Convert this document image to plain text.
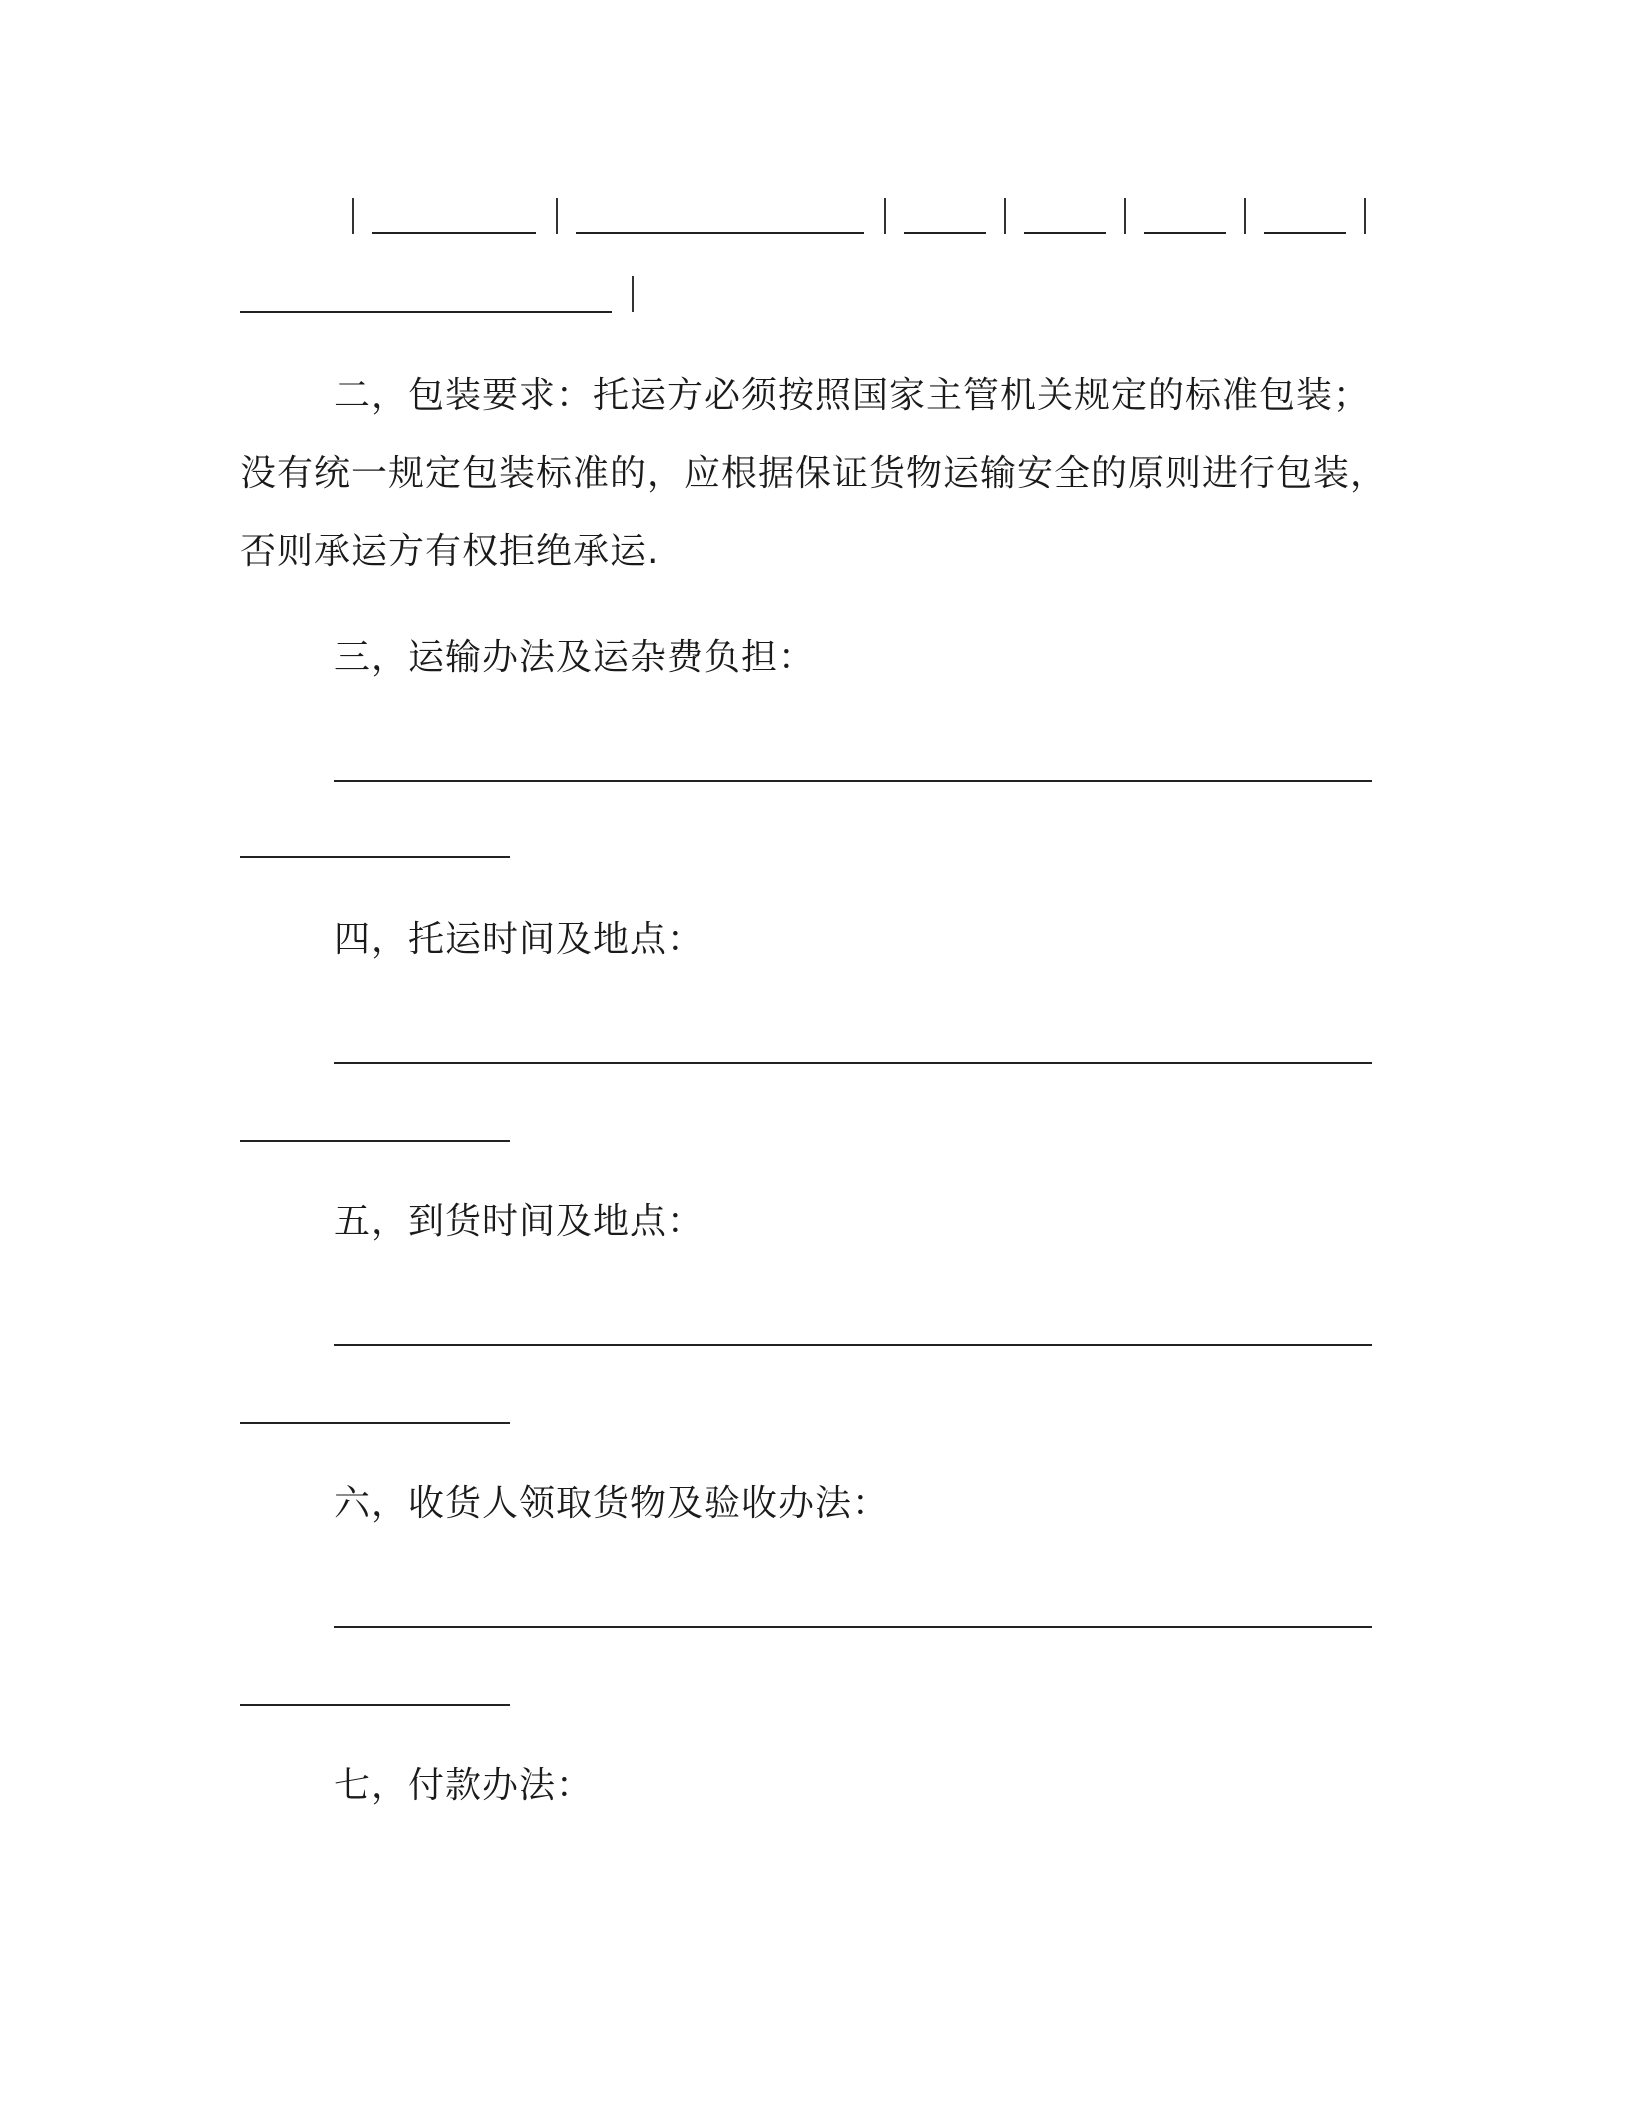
二，包装要求：托运方必须按照国家主管机关规定的标准包装；
没有统一规定包装标准的，应根据保证货物运输安全的原则进行包装，
否则承运方有权拒绝承运.
三，运输办法及运杂费负担：
四，托运时间及地点：
五，到货时间及地点：
六，收货人领取货物及验收办法：
七，付款办法：
